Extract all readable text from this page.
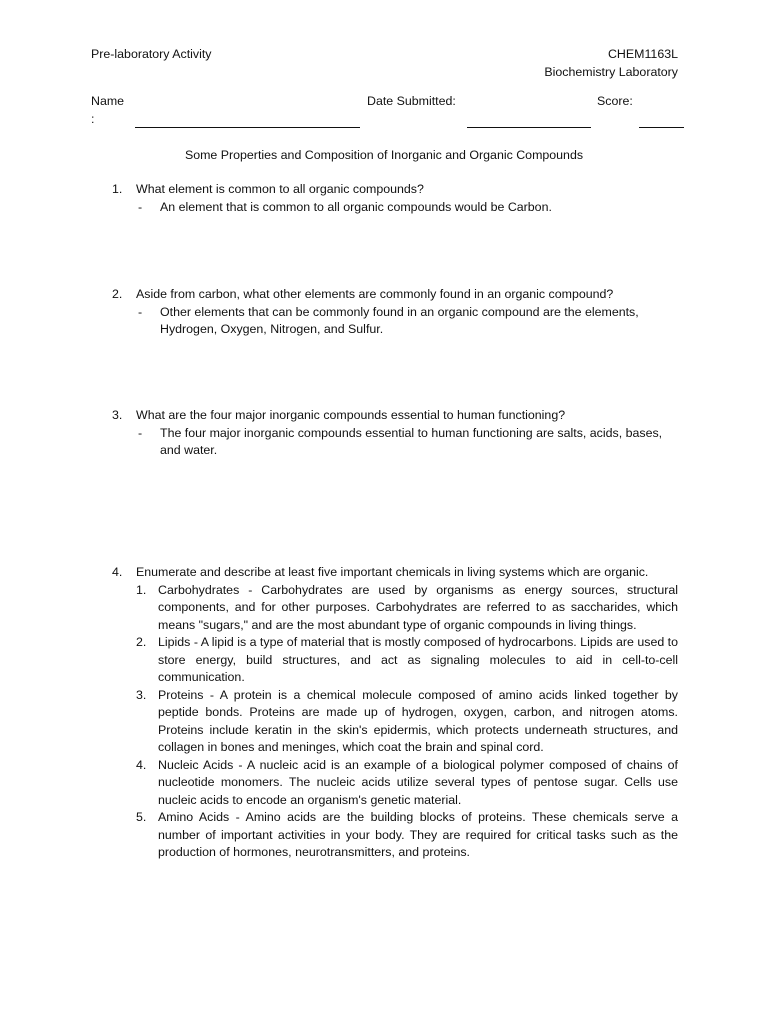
Pre-laboratory Activity	CHEM1163L
Biochemistry Laboratory
Name
:
Date Submitted:	Score:
Some Properties and Composition of Inorganic and Organic Compounds
1.	What element is common to all organic compounds?
-	An element that is common to all organic compounds would be Carbon.
2.	Aside from carbon, what other elements are commonly found in an organic compound?
-	Other elements that can be commonly found in an organic compound are the elements, Hydrogen, Oxygen, Nitrogen, and Sulfur.
3.	What are the four major inorganic compounds essential to human functioning?
-	The four major inorganic compounds essential to human functioning are salts, acids, bases, and water.
4.	Enumerate and describe at least five important chemicals in living systems which are organic.
1. Carbohydrates - Carbohydrates are used by organisms as energy sources, structural components, and for other purposes. Carbohydrates are referred to as saccharides, which means "sugars," and are the most abundant type of organic compounds in living things.
2. Lipids - A lipid is a type of material that is mostly composed of hydrocarbons. Lipids are used to store energy, build structures, and act as signaling molecules to aid in cell-to-cell communication.
3. Proteins - A protein is a chemical molecule composed of amino acids linked together by peptide bonds. Proteins are made up of hydrogen, oxygen, carbon, and nitrogen atoms. Proteins include keratin in the skin's epidermis, which protects underneath structures, and collagen in bones and meninges, which coat the brain and spinal cord.
4. Nucleic Acids - A nucleic acid is an example of a biological polymer composed of chains of nucleotide monomers. The nucleic acids utilize several types of pentose sugar. Cells use nucleic acids to encode an organism's genetic material.
5. Amino Acids - Amino acids are the building blocks of proteins. These chemicals serve a number of important activities in your body. They are required for critical tasks such as the production of hormones, neurotransmitters, and proteins.
